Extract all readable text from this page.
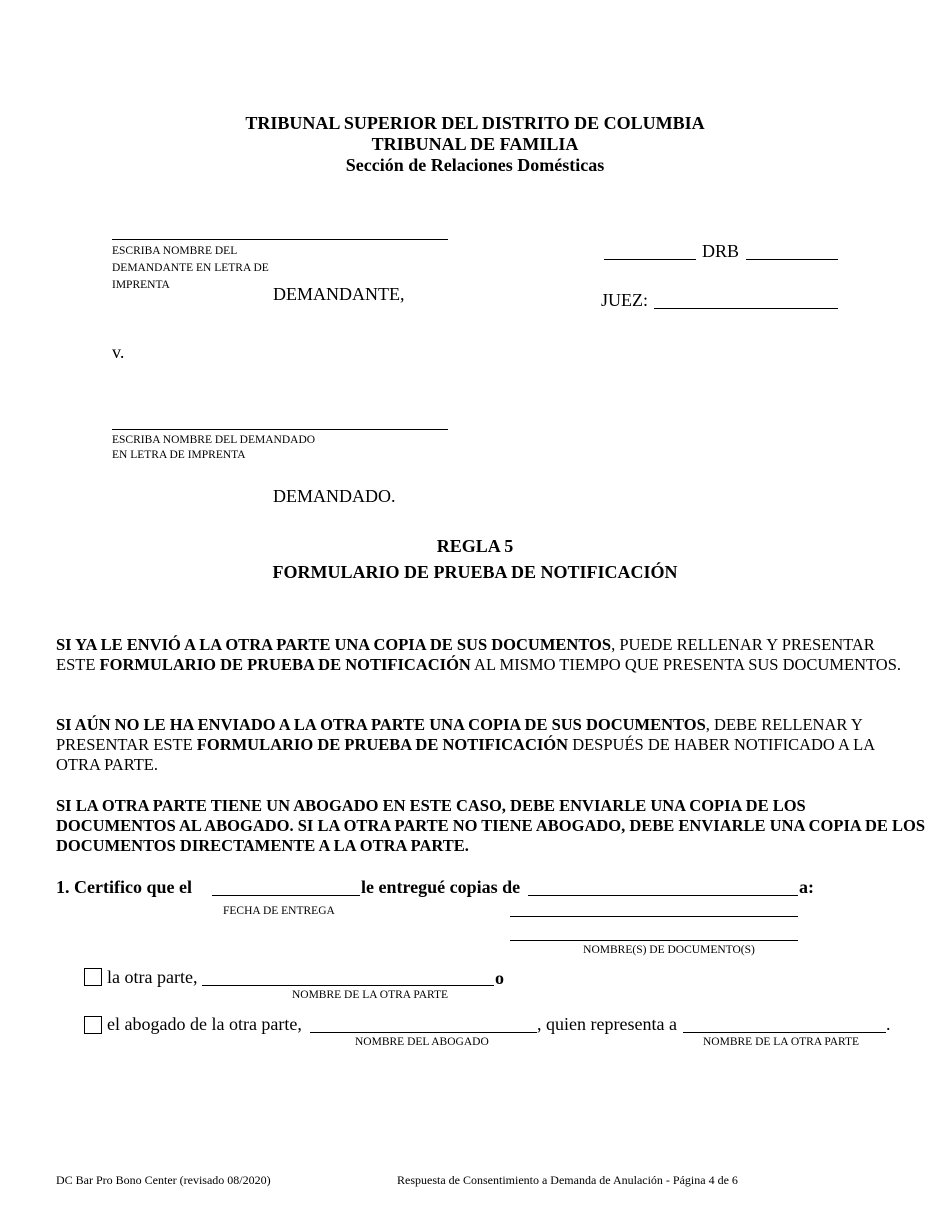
TRIBUNAL SUPERIOR DEL DISTRITO DE COLUMBIA
TRIBUNAL DE FAMILIA
Sección de Relaciones Domésticas
ESCRIBA NOMBRE DEL
DEMANDANTE EN LETRA DE
IMPRENTA	DEMANDANTE,
DRB
JUEZ:
v.
ESCRIBA NOMBRE DEL DEMANDADO
EN LETRA DE IMPRENTA
DEMANDADO.
REGLA 5
FORMULARIO DE PRUEBA DE NOTIFICACIÓN
SI YA LE ENVIÓ A LA OTRA PARTE UNA COPIA DE SUS DOCUMENTOS, PUEDE RELLENAR Y PRESENTAR ESTE FORMULARIO DE PRUEBA DE NOTIFICACIÓN AL MISMO TIEMPO QUE PRESENTA SUS DOCUMENTOS.
SI AÚN NO LE HA ENVIADO A LA OTRA PARTE UNA COPIA DE SUS DOCUMENTOS, DEBE RELLENAR Y PRESENTAR ESTE FORMULARIO DE PRUEBA DE NOTIFICACIÓN DESPUÉS DE HABER NOTIFICADO A LA OTRA PARTE.
SI LA OTRA PARTE TIENE UN ABOGADO EN ESTE CASO, DEBE ENVIARLE UNA COPIA DE LOS DOCUMENTOS AL ABOGADO. SI LA OTRA PARTE NO TIENE ABOGADO, DEBE ENVIARLE UNA COPIA DE LOS DOCUMENTOS DIRECTAMENTE A LA OTRA PARTE.
1. Certifico que el	le entregué copias de	a:
FECHA DE ENTREGA
NOMBRE(S) DE DOCUMENTO(S)
la otra parte,	o
NOMBRE DE LA OTRA PARTE
el abogado de la otra parte,	, quien representa a	.
NOMBRE DEL ABOGADO	NOMBRE DE LA OTRA PARTE
DC Bar Pro Bono Center (revisado 08/2020)	Respuesta de Consentimiento a Demanda de Anulación - Página 4 de 6
